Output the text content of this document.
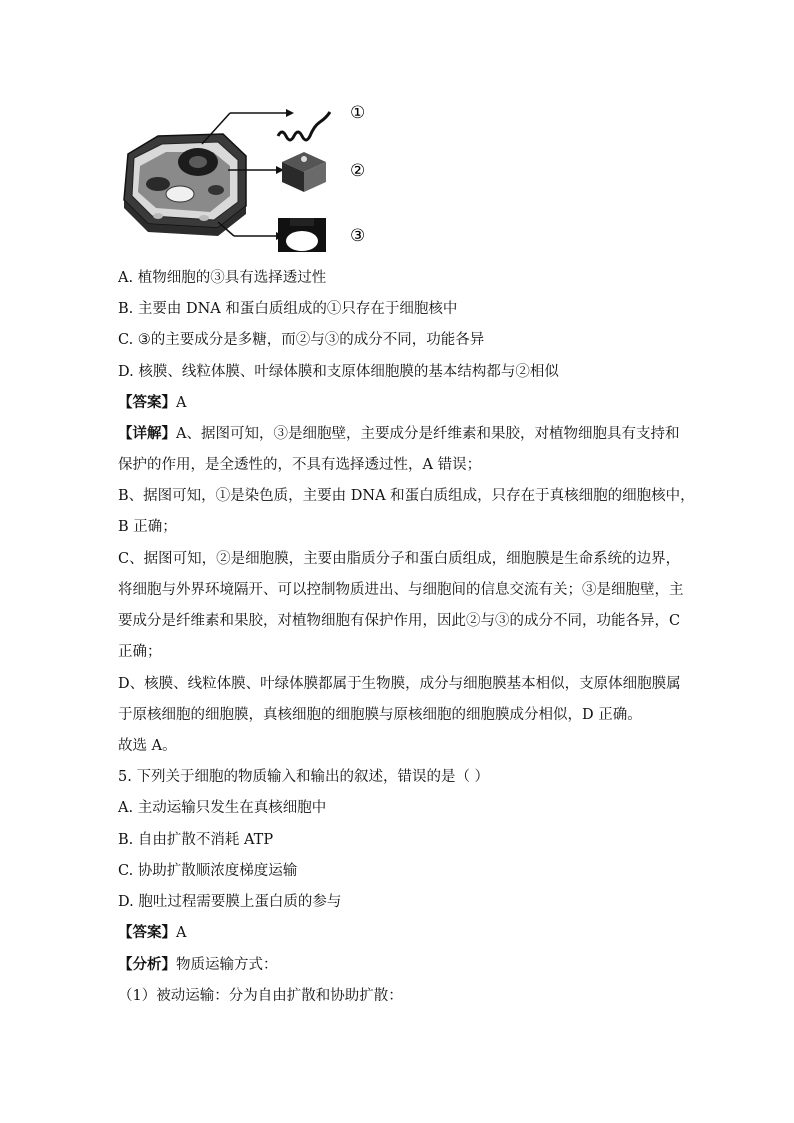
①
②
③
A. 植物细胞的③具有选择透过性
B. 主要由 DNA 和蛋白质组成的①只存在于细胞核中
C. ③的主要成分是多糖，而②与③的成分不同，功能各异
D. 核膜、线粒体膜、叶绿体膜和支原体细胞膜的基本结构都与②相似
【答案】A
【详解】A、据图可知，③是细胞壁，主要成分是纤维素和果胶，对植物细胞具有支持和
保护的作用，是全透性的，不具有选择透过性，A 错误；
B、据图可知，①是染色质，主要由 DNA 和蛋白质组成，只存在于真核细胞的细胞核中，
B 正确；
C、据图可知，②是细胞膜，主要由脂质分子和蛋白质组成，细胞膜是生命系统的边界，
将细胞与外界环境隔开、可以控制物质进出、与细胞间的信息交流有关；③是细胞壁，主
要成分是纤维素和果胶，对植物细胞有保护作用，因此②与③的成分不同，功能各异，C
正确；
D、核膜、线粒体膜、叶绿体膜都属于生物膜，成分与细胞膜基本相似，支原体细胞膜属
于原核细胞的细胞膜，真核细胞的细胞膜与原核细胞的细胞膜成分相似，D 正确。
故选 A。
5. 下列关于细胞的物质输入和输出的叙述，错误的是（ ）
A. 主动运输只发生在真核细胞中
B. 自由扩散不消耗 ATP
C. 协助扩散顺浓度梯度运输
D. 胞吐过程需要膜上蛋白质的参与
【答案】A
【分析】物质运输方式：
（1）被动运输：分为自由扩散和协助扩散：
